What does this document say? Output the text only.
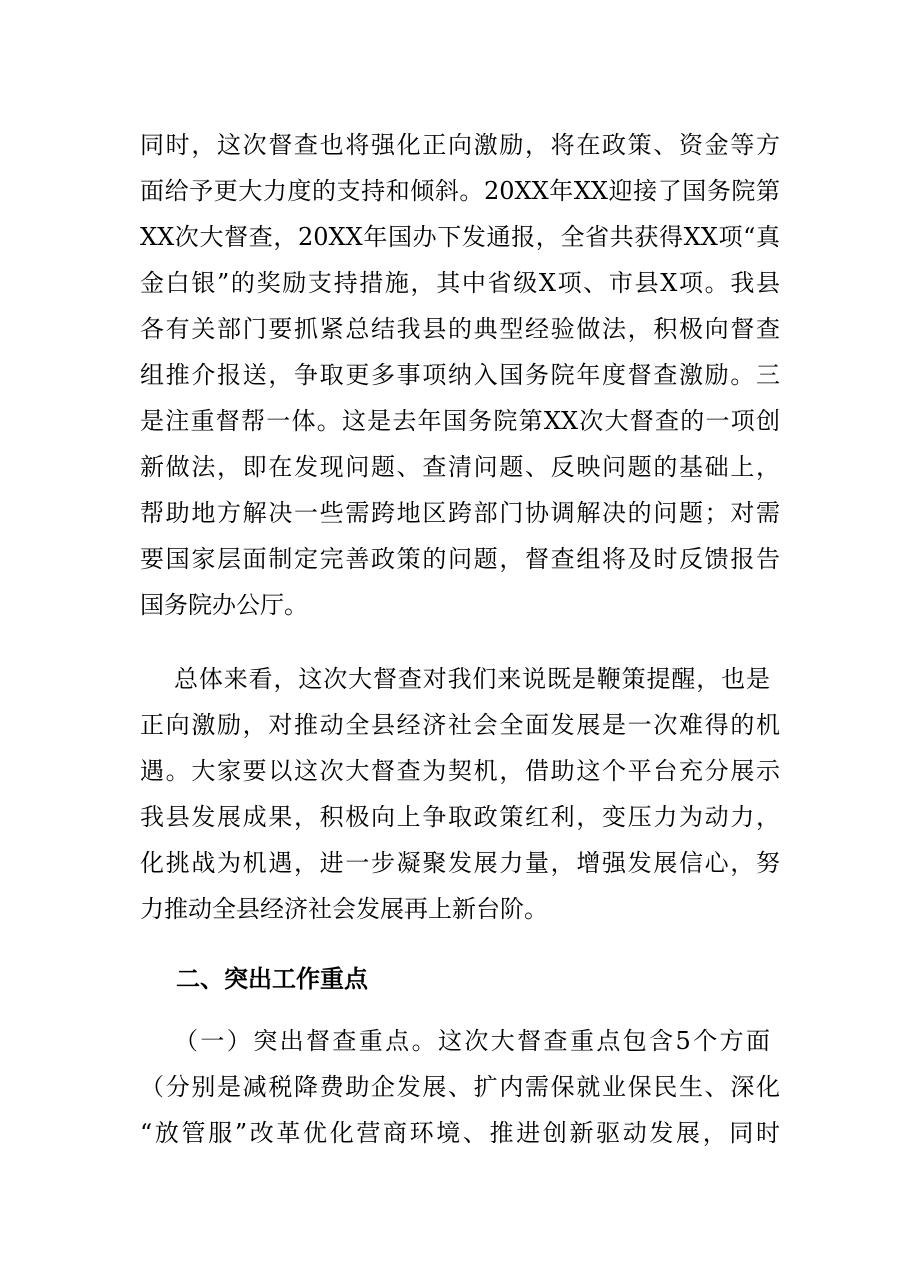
同时，这次督查也将强化正向激励，将在政策、资金等方
面给予更大力度的支持和倾斜。20XX年XX迎接了国务院第
XX次大督查，20XX年国办下发通报，全省共获得XX项“真
金白银”的奖励支持措施，其中省级X项、市县X项。我县
各有关部门要抓紧总结我县的典型经验做法，积极向督查
组推介报送，争取更多事项纳入国务院年度督查激励。三
是注重督帮一体。这是去年国务院第XX次大督查的一项创
新做法，即在发现问题、查清问题、反映问题的基础上，
帮助地方解决一些需跨地区跨部门协调解决的问题；对需
要国家层面制定完善政策的问题，督查组将及时反馈报告
国务院办公厅。
总体来看，这次大督查对我们来说既是鞭策提醒，也是
正向激励，对推动全县经济社会全面发展是一次难得的机
遇。大家要以这次大督查为契机，借助这个平台充分展示
我县发展成果，积极向上争取政策红利，变压力为动力，
化挑战为机遇，进一步凝聚发展力量，增强发展信心，努
力推动全县经济社会发展再上新台阶。
二、突出工作重点
（一）突出督查重点。这次大督查重点包含5个方面
（分别是减税降费助企发展、扩内需保就业保民生、深化
“放管服”改革优化营商环境、推进创新驱动发展，同时
